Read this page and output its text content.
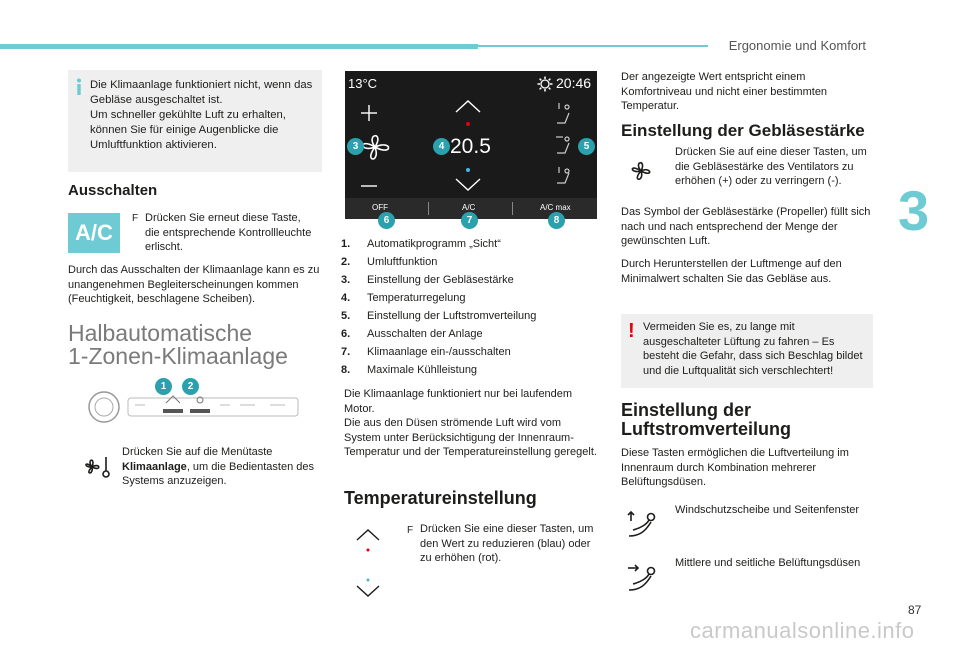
Ergonomie und Komfort
3
87
carmanualsonline.info
Die Klimaanlage funktioniert nicht, wenn das Gebläse ausgeschaltet ist.
Um schneller gekühlte Luft zu erhalten, können Sie für einige Augenblicke die Umluftfunktion aktivieren.
Ausschalten
A/C
F Drücken Sie erneut diese Taste, die entsprechende Kontrollleuchte erlischt.
Durch das Ausschalten der Klimaanlage kann es zu unangenehmen Begleiterscheinungen kommen (Feuchtigkeit, beschlagene Scheiben).
Halbautomatische
1-Zonen-Klimaanlage
1	2
Drücken Sie auf die Menütaste Klimaanlage, um die Bedientasten des Systems anzuzeigen.
13°C	20:46
20.5
OFF	A/C	A/C max
3	4	5
6	7	8
1. Automatikprogramm „Sicht“
2. Umluftfunktion
3. Einstellung der Gebläsestärke
4. Temperaturregelung
5. Einstellung der Luftstromverteilung
6. Ausschalten der Anlage
7. Klimaanlage ein-/ausschalten
8. Maximale Kühlleistung
Die Klimaanlage funktioniert nur bei laufendem Motor.
Die aus den Düsen strömende Luft wird vom System unter Berücksichtigung der Innenraum-Temperatur und der Temperatureinstellung geregelt.
Temperatureinstellung
F Drücken Sie eine dieser Tasten, um den Wert zu reduzieren (blau) oder zu erhöhen (rot).
Der angezeigte Wert entspricht einem Komfortniveau und nicht einer bestimmten Temperatur.
Einstellung der Gebläsestärke
Drücken Sie auf eine dieser Tasten, um die Gebläsestärke des Ventilators zu erhöhen (+) oder zu verringern (-).
Das Symbol der Gebläsestärke (Propeller) füllt sich nach und nach entsprechend der Menge der gewünschten Luft.
Durch Herunterstellen der Luftmenge auf den Minimalwert schalten Sie das Gebläse aus.
! Vermeiden Sie es, zu lange mit ausgeschalteter Lüftung zu fahren – Es besteht die Gefahr, dass sich Beschlag bildet und die Luftqualität sich verschlechtert!
Einstellung der
Luftstromverteilung
Diese Tasten ermöglichen die Luftverteilung im Innenraum durch Kombination mehrerer Belüftungsdüsen.
Windschutzscheibe und Seitenfenster
Mittlere und seitliche Belüftungsdüsen
